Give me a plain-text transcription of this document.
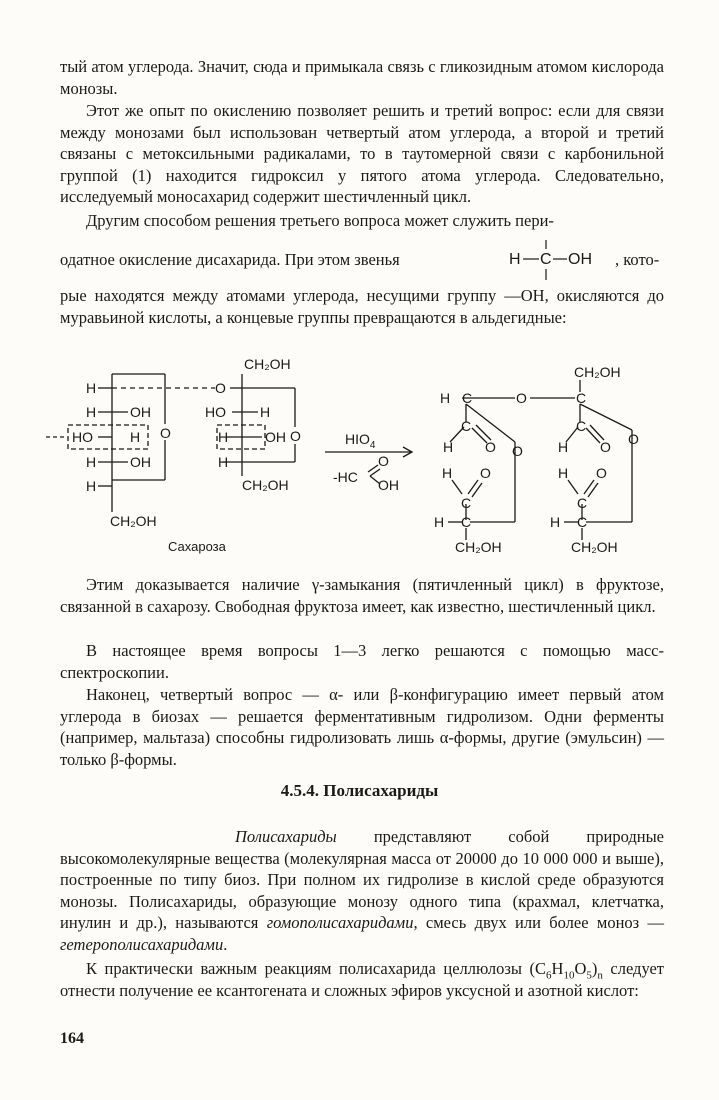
тый атом углерода. Значит, сюда и примыкала связь с гликозидным атомом кислорода монозы.

Этот же опыт по окислению позволяет решить и третий вопрос: если для связи между монозами был использован четвертый атом углерода, а второй и третий связаны с метоксильными радикалами, то в таутомерной связи с карбонильной группой (1) находится гидроксил у пятого атома углерода. Следовательно, исследуемый моносахарид содержит шестичленный цикл.

Другим способом решения третьего вопроса может служить пери-

одатное окисление дисахарида. При этом звенья	H C OH , кото-

рые находятся между атомами углерода, несущими группу —OH, окисляются до муравьиной кислоты, а концевые группы превращаются в альдегидные:

H
H OH
HO	H
H OH
H
O
CH₂OH
CH₂OH
O
HO H
H	OH
H
O
CH₂OH
Сахароза
$HIO_4$
-HC
O
OH
H C	O	C
CH₂OH
C
H O
C
H O
O
O
H O
C
H C
CH₂OH
H O
C
H C
CH₂OH

Этим доказывается наличие γ-замыкания (пятичленный цикл) в фруктозе, связанной в сахарозу. Свободная фруктоза имеет, как известно, шестичленный цикл.

В настоящее время вопросы 1—3 легко решаются с помощью масс-спектроскопии.

Наконец, четвертый вопрос — α- или β-конфигурацию имеет первый атом углерода в биозах — решается ферментативным гидролизом. Одни ферменты (например, мальтаза) способны гидролизовать лишь α-формы, другие (эмульсин) — только β-формы.

4.5.4. Полисахариды

Полисахариды представляют собой природные высокомолекулярные вещества (молекулярная масса от 20000 до 10 000 000 и выше), построенные по типу биоз. При полном их гидролизе в кислой среде образуются монозы. Полисахариды, образующие монозу одного типа (крахмал, клетчатка, инулин и др.), называются гомополисахаридами, смесь двух или более моноз — гетерополисахаридами.

К практически важным реакциям полисахарида целлюлозы $(C_6H_{10}O_5)_n$ следует отнести получение ее ксантогената и сложных эфиров уксусной и азотной кислот:

164
